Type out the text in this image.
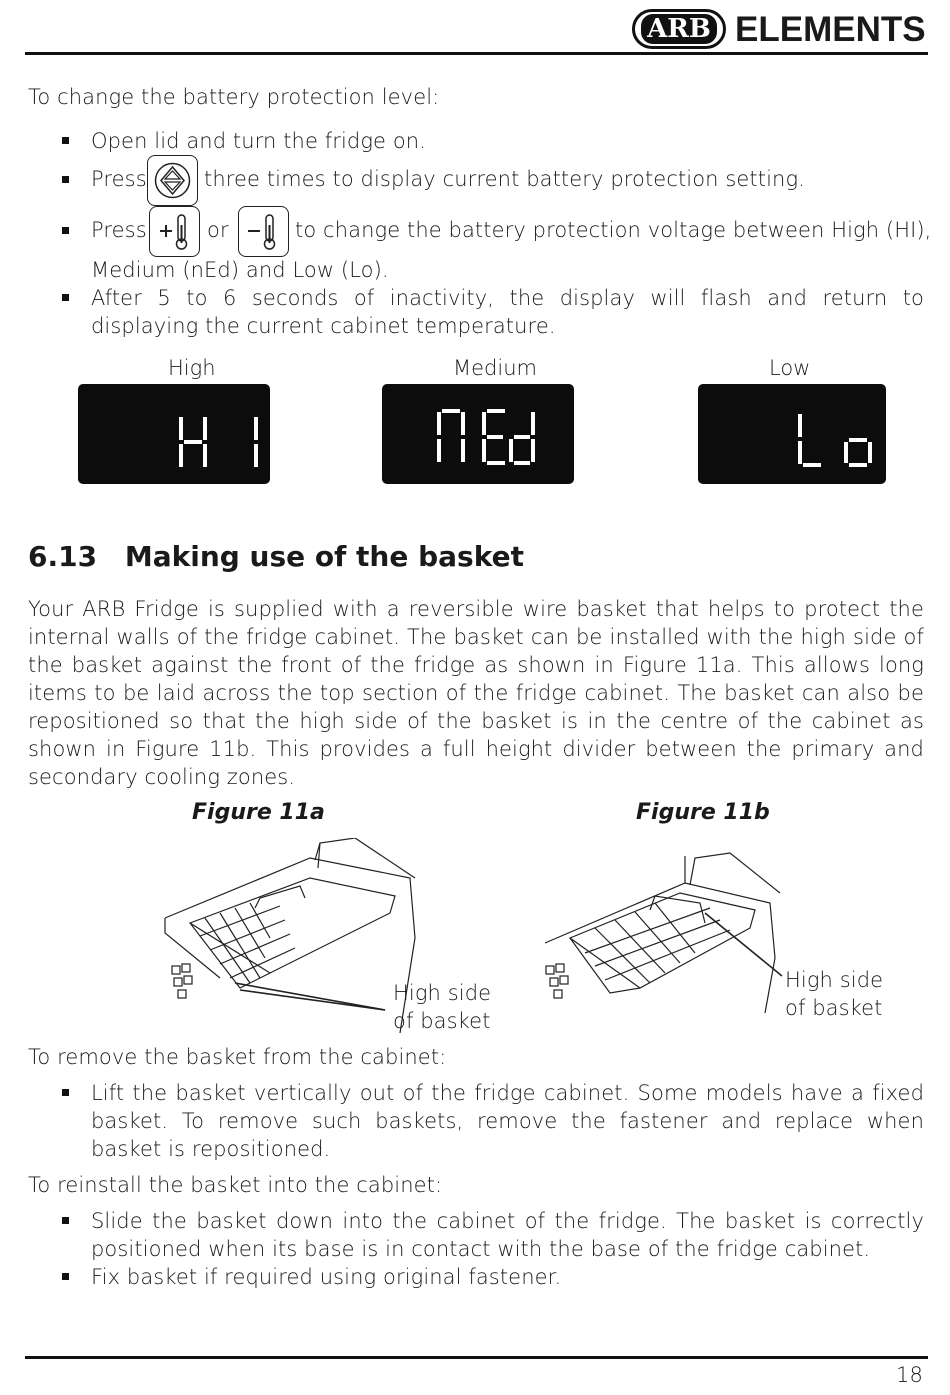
ARB ELEMENTS
To change the battery protection level:
Open lid and turn the fridge on.
Press	three times to display current battery protection setting.
Press	or	to change the battery protection voltage between High (HI),
Medium (nEd) and Low (Lo).
After 5 to 6 seconds of inactivity, the display will flash and return to displaying the current cabinet temperature.
High	Medium	Low
6.13 Making use of the basket
Your ARB Fridge is supplied with a reversible wire basket that helps to protect the internal walls of the fridge cabinet. The basket can be installed with the high side of the basket against the front of the fridge as shown in Figure 11a. This allows long items to be laid across the top section of the fridge cabinet. The basket can also be repositioned so that the high side of the basket is in the centre of the cabinet as shown in Figure 11b. This provides a full height divider between the primary and secondary cooling zones.
Figure 11a	Figure 11b
High side
of basket
High side
of basket
To remove the basket from the cabinet:
Lift the basket vertically out of the fridge cabinet. Some models have a fixed basket. To remove such baskets, remove the fastener and replace when basket is repositioned.
To reinstall the basket into the cabinet:
Slide the basket down into the cabinet of the fridge. The basket is correctly positioned when its base is in contact with the base of the fridge cabinet.
Fix basket if required using original fastener.
18
